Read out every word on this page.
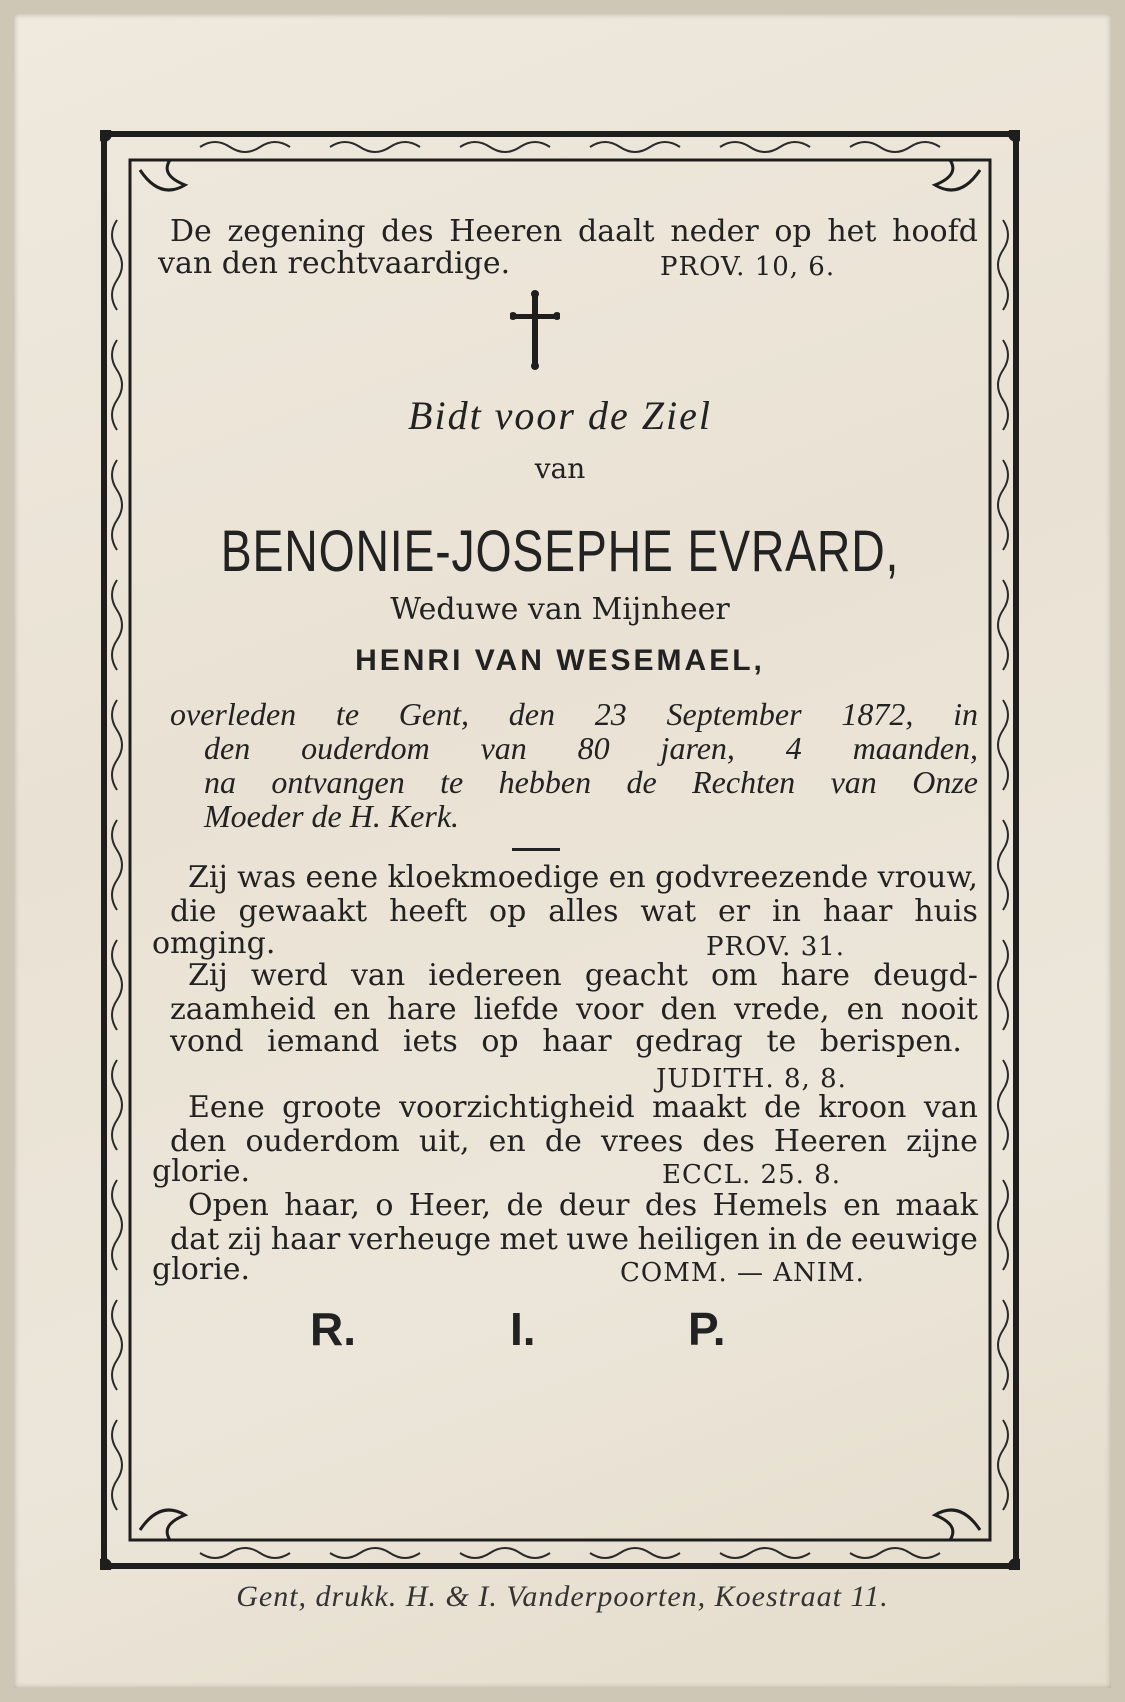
De zegening des Heeren daalt neder op het hoofd
van den rechtvaardige.	PROV. 10, 6.
Bidt voor de Ziel
van
BENONIE-JOSEPHE EVRARD,
Weduwe van Mijnheer
HENRI VAN WESEMAEL,
overleden te Gent, den 23 September 1872, in
den ouderdom van 80 jaren, 4 maanden,
na ontvangen te hebben de Rechten van Onze
Moeder de H. Kerk.
Zij was eene kloekmoedige en godvreezende vrouw,
die gewaakt heeft op alles wat er in haar huis
omging.	PROV. 31.
Zij werd van iedereen geacht om hare deugd-
zaamheid en hare liefde voor den vrede, en nooit
vond iemand iets op haar gedrag te berispen.
JUDITH. 8, 8.
Eene groote voorzichtigheid maakt de kroon van
den ouderdom uit, en de vrees des Heeren zijne
glorie.	ECCL. 25. 8.
Open haar, o Heer, de deur des Hemels en maak
dat zij haar verheuge met uwe heiligen in de eeuwige
glorie.	COMM. — ANIM.
R.	I.	P.
Gent, drukk. H. & I. Vanderpoorten, Koestraat 11.
